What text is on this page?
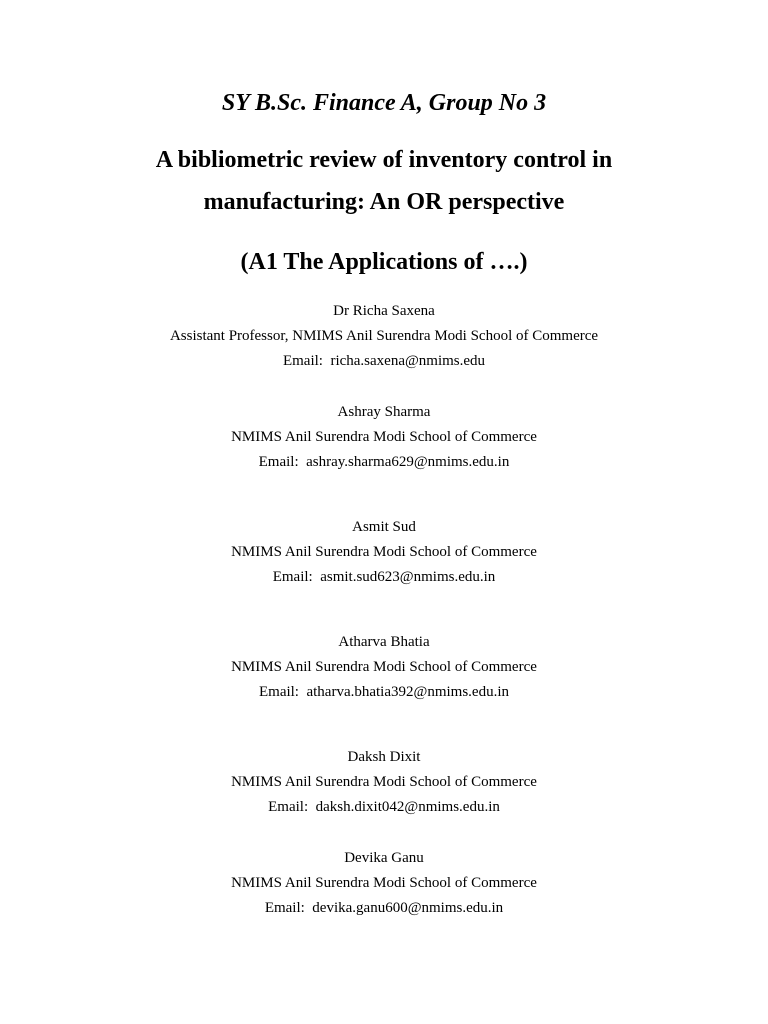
SY B.Sc. Finance A, Group No 3
A bibliometric review of inventory control in
manufacturing: An OR perspective
(A1 The Applications of ….)
Dr Richa Saxena
Assistant Professor, NMIMS Anil Surendra Modi School of Commerce
Email:  richa.saxena@nmims.edu
Ashray Sharma
NMIMS Anil Surendra Modi School of Commerce
Email:  ashray.sharma629@nmims.edu.in
Asmit Sud
NMIMS Anil Surendra Modi School of Commerce
Email:  asmit.sud623@nmims.edu.in
Atharva Bhatia
NMIMS Anil Surendra Modi School of Commerce
Email:  atharva.bhatia392@nmims.edu.in
Daksh Dixit
NMIMS Anil Surendra Modi School of Commerce
Email:  daksh.dixit042@nmims.edu.in
Devika Ganu
NMIMS Anil Surendra Modi School of Commerce
Email:  devika.ganu600@nmims.edu.in
